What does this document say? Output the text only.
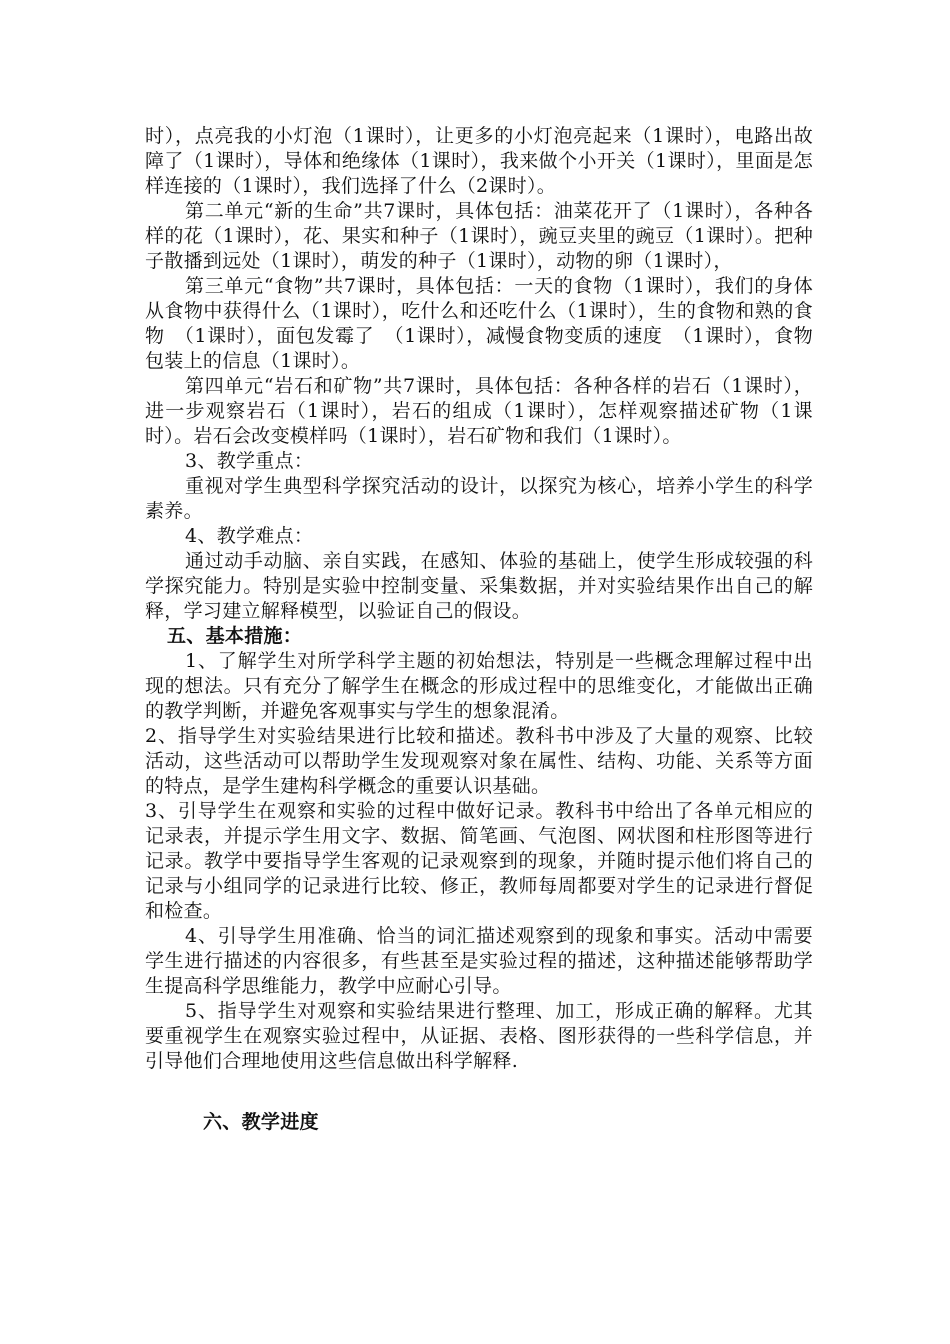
时），点亮我的小灯泡（1课时），让更多的小灯泡亮起来（1课时），电路出故障了（1课时），导体和绝缘体（1课时），我来做个小开关（1课时），里面是怎样连接的（1课时），我们选择了什么（2课时）。

第二单元“新的生命”共7课时，具体包括：油菜花开了（1课时），各种各样的花（1课时），花、果实和种子（1课时），豌豆夹里的豌豆（1课时）。把种子散播到远处（1课时），萌发的种子（1课时），动物的卵（1课时），

第三单元“食物”共7课时，具体包括：一天的食物（1课时），我们的身体从食物中获得什么（1课时），吃什么和还吃什么（1课时），生的食物和熟的食物　（1课时），面包发霉了　（1课时），减慢食物变质的速度　（1课时），食物包装上的信息（1课时）。

第四单元“岩石和矿物”共7课时，具体包括：各种各样的岩石（1课时），进一步观察岩石（1课时），岩石的组成（1课时），怎样观察描述矿物（1课时）。岩石会改变模样吗（1课时），岩石矿物和我们（1课时）。

3、教学重点：

重视对学生典型科学探究活动的设计，以探究为核心，培养小学生的科学素养。

4、教学难点：

通过动手动脑、亲自实践，在感知、体验的基础上，使学生形成较强的科学探究能力。特别是实验中控制变量、采集数据，并对实验结果作出自己的解释，学习建立解释模型，以验证自己的假设。

五、基本措施：

1、了解学生对所学科学主题的初始想法，特别是一些概念理解过程中出现的想法。只有充分了解学生在概念的形成过程中的思维变化，才能做出正确的教学判断，并避免客观事实与学生的想象混淆。

2、指导学生对实验结果进行比较和描述。教科书中涉及了大量的观察、比较活动，这些活动可以帮助学生发现观察对象在属性、结构、功能、关系等方面的特点，是学生建构科学概念的重要认识基础。

3、引导学生在观察和实验的过程中做好记录。教科书中给出了各单元相应的记录表，并提示学生用文字、数据、简笔画、气泡图、网状图和柱形图等进行记录。教学中要指导学生客观的记录观察到的现象，并随时提示他们将自己的记录与小组同学的记录进行比较、修正，教师每周都要对学生的记录进行督促和检查。

4、引导学生用准确、恰当的词汇描述观察到的现象和事实。活动中需要学生进行描述的内容很多，有些甚至是实验过程的描述，这种描述能够帮助学生提高科学思维能力，教学中应耐心引导。

5、指导学生对观察和实验结果进行整理、加工，形成正确的解释。尤其要重视学生在观察实验过程中，从证据、表格、图形获得的一些科学信息，并引导他们合理地使用这些信息做出科学解释.

六、教学进度
